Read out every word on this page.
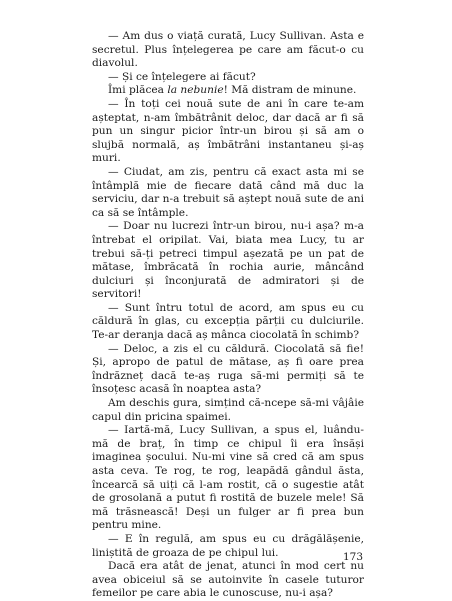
— Am dus o viață curată, Lucy Sullivan. Asta e secretul. Plus înțelegerea pe care am făcut-o cu diavolul.

— Și ce înțelegere ai făcut?

Îmi plăcea la nebunie! Mă distram de minune.

— În toți cei nouă sute de ani în care te-am așteptat, n-am îmbătrânit deloc, dar dacă ar fi să pun un singur picior într-un birou și să am o slujbă normală, aș îmbătrâni instantaneu și-aș muri.

— Ciudat, am zis, pentru că exact asta mi se întâmplă mie de fiecare dată când mă duc la serviciu, dar n-a trebuit să aștept nouă sute de ani ca să se întâmple.

— Doar nu lucrezi într-un birou, nu-i așa? m-a întrebat el oripilat. Vai, biata mea Lucy, tu ar trebui să-ți petreci timpul așezată pe un pat de mătase, îmbrăcată în rochia aurie, mâncând dulciuri și înconjurată de admiratori și de servitori!

— Sunt întru totul de acord, am spus eu cu căldură în glas, cu excepția părții cu dulciurile. Te-ar deranja dacă aș mânca ciocolată în schimb?

— Deloc, a zis el cu căldură. Ciocolată să fie! Și, apropo de patul de mătase, aș fi oare prea îndrăzneț dacă te-aș ruga să-mi permiți să te însoțesc acasă în noaptea asta?

Am deschis gura, simțind că-ncepe să-mi vâjâie capul din pricina spaimei.

— Iartă-mă, Lucy Sullivan, a spus el, luându-mă de braț, în timp ce chipul îi era însăși imaginea șocului. Nu-mi vine să cred că am spus asta ceva. Te rog, te rog, leapădă gândul ăsta, încearcă să uiți că l-am rostit, că o sugestie atât de grosolană a putut fi rostită de buzele mele! Să mă trăsnească! Deși un fulger ar fi prea bun pentru mine.

— E în regulă, am spus eu cu drăgălășenie, liniștită de groaza de pe chipul lui.

Dacă era atât de jenat, atunci în mod cert nu avea obiceiul să se autoinvite în casele tuturor femeilor pe care abia le cunoscuse, nu-i așa?

173
